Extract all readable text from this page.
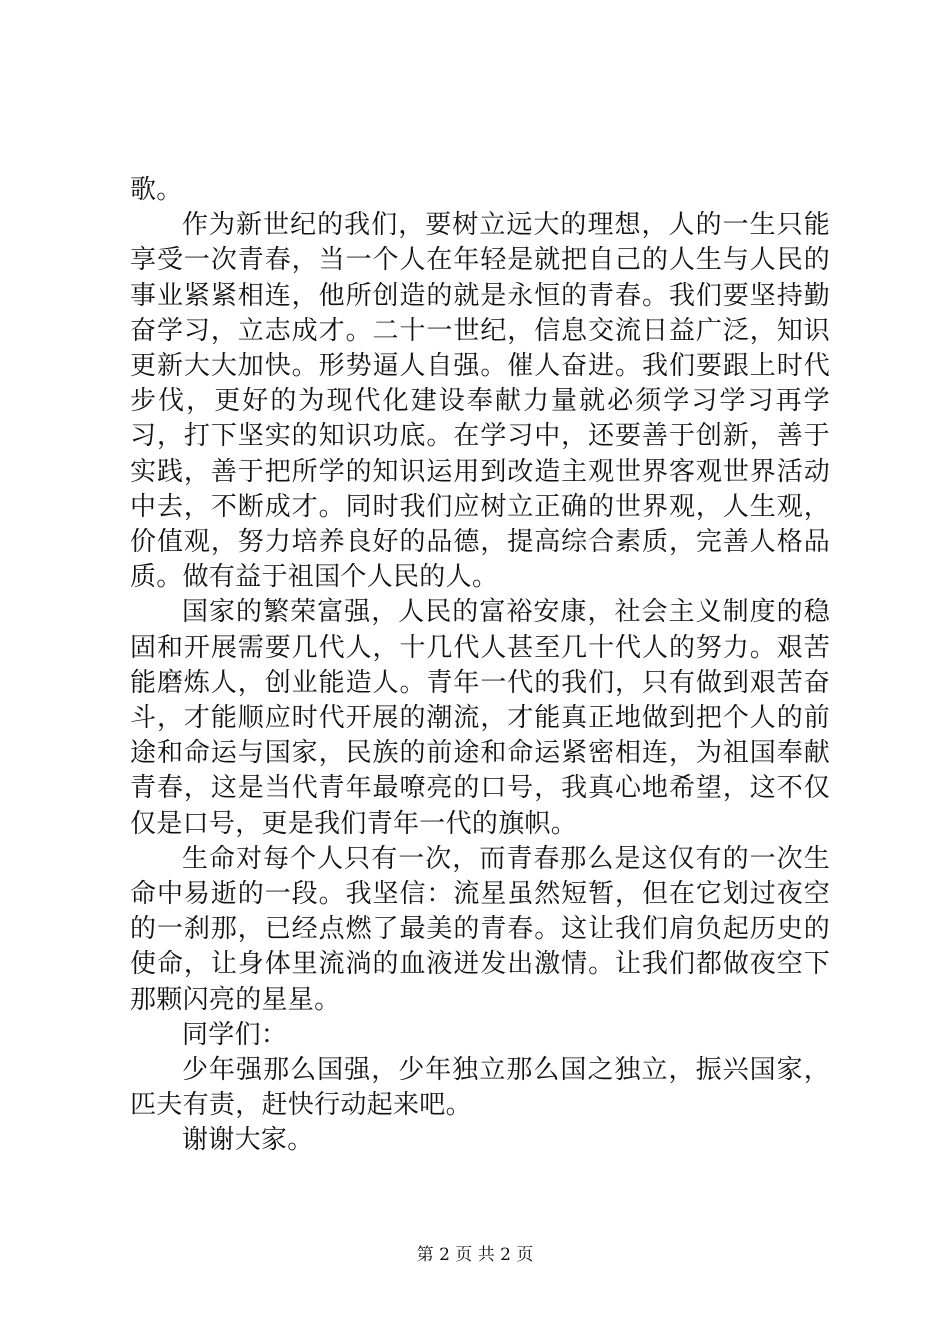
歌。

作为新世纪的我们，要树立远大的理想，人的一生只能享受一次青春，当一个人在年轻是就把自己的人生与人民的事业紧紧相连，他所创造的就是永恒的青春。我们要坚持勤奋学习，立志成才。二十一世纪，信息交流日益广泛，知识更新大大加快。形势逼人自强。催人奋进。我们要跟上时代步伐，更好的为现代化建设奉献力量就必须学习学习再学习，打下坚实的知识功底。在学习中，还要善于创新，善于实践，善于把所学的知识运用到改造主观世界客观世界活动中去，不断成才。同时我们应树立正确的世界观，人生观，价值观，努力培养良好的品德，提高综合素质，完善人格品质。做有益于祖国个人民的人。

国家的繁荣富强，人民的富裕安康，社会主义制度的稳固和开展需要几代人，十几代人甚至几十代人的努力。艰苦能磨炼人，创业能造人。青年一代的我们，只有做到艰苦奋斗，才能顺应时代开展的潮流，才能真正地做到把个人的前途和命运与国家，民族的前途和命运紧密相连，为祖国奉献青春，这是当代青年最嘹亮的口号，我真心地希望，这不仅仅是口号，更是我们青年一代的旗帜。

生命对每个人只有一次，而青春那么是这仅有的一次生命中易逝的一段。我坚信：流星虽然短暂，但在它划过夜空的一刹那，已经点燃了最美的青春。这让我们肩负起历史的使命，让身体里流淌的血液迸发出激情。让我们都做夜空下那颗闪亮的星星。

同学们：

少年强那么国强，少年独立那么国之独立，振兴国家，匹夫有责，赶快行动起来吧。

谢谢大家。

第 2 页 共 2 页
